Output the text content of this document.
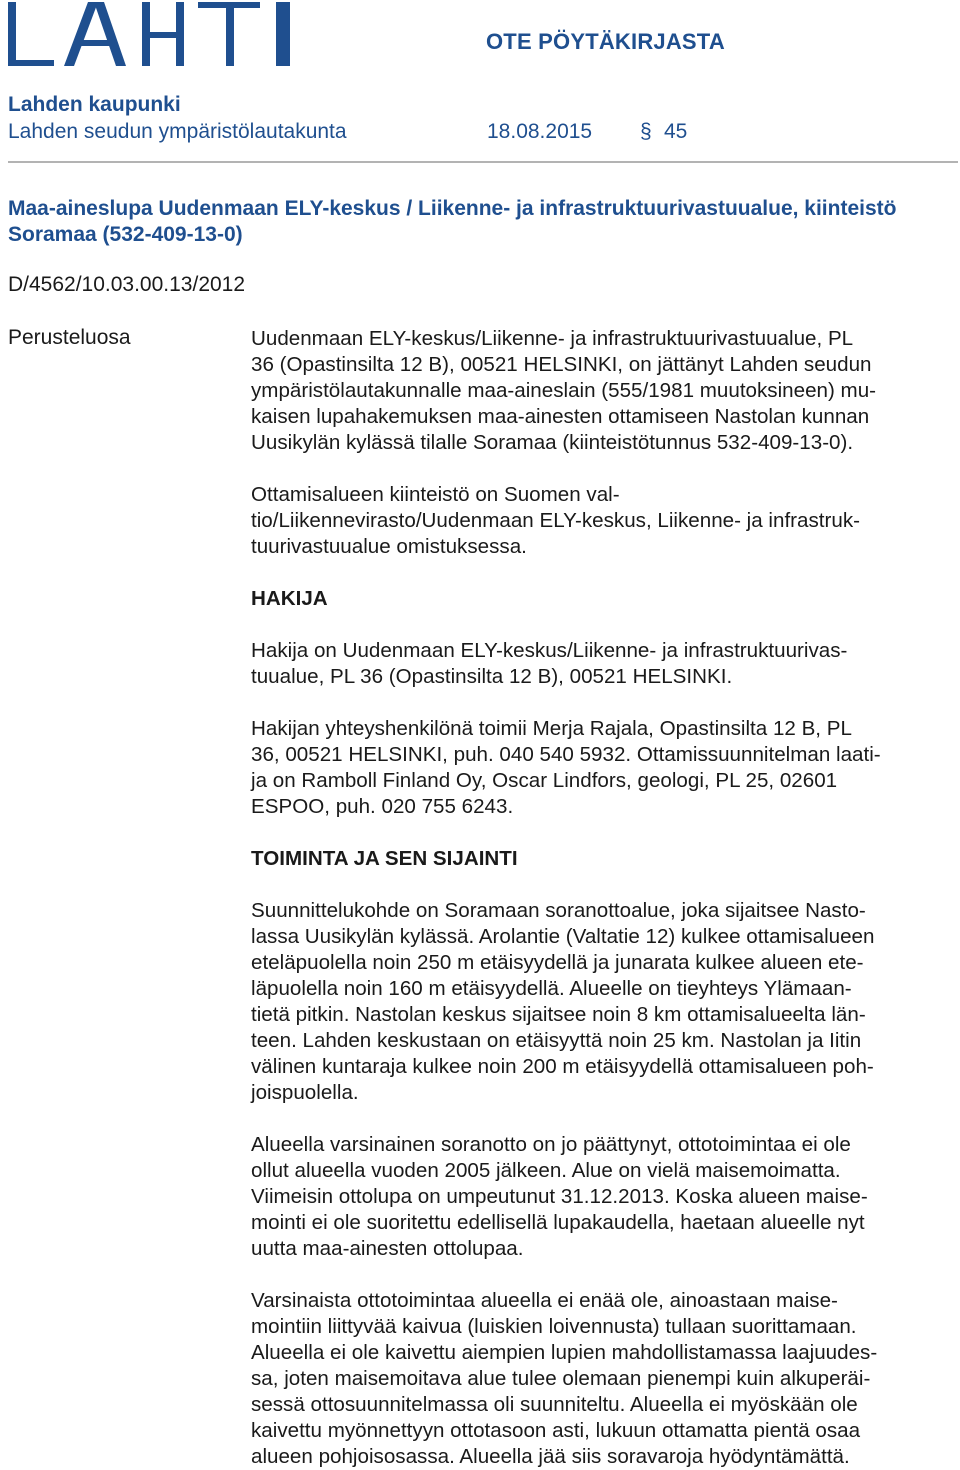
OTE PÖYTÄKIRJASTA
Lahden kaupunki
Lahden seudun ympäristölautakunta	18.08.2015 § 45
Maa-aineslupa Uudenmaan ELY-keskus / Liikenne- ja infrastruktuurivastuualue, kiinteistö
Soramaa (532-409-13-0)
D/4562/10.03.00.13/2012
Perusteluosa	Uudenmaan ELY-keskus/Liikenne- ja infrastruktuurivastuualue, PL
36 (Opastinsilta 12 B), 00521 HELSINKI, on jättänyt Lahden seudun
ympäristölautakunnalle maa-aineslain (555/1981 muutoksineen) mu-
kaisen lupahakemuksen maa-ainesten ottamiseen Nastolan kunnan
Uusikylän kylässä tilalle Soramaa (kiinteistötunnus 532-409-13-0).

Ottamisalueen kiinteistö on Suomen val-
tio/Liikennevirasto/Uudenmaan ELY-keskus, Liikenne- ja infrastruk-
tuurivastuualue omistuksessa.

HAKIJA

Hakija on Uudenmaan ELY-keskus/Liikenne- ja infrastruktuurivas-
tuualue, PL 36 (Opastinsilta 12 B), 00521 HELSINKI.

Hakijan yhteyshenkilönä toimii Merja Rajala, Opastinsilta 12 B, PL
36, 00521 HELSINKI, puh. 040 540 5932. Ottamissuunnitelman laati-
ja on Ramboll Finland Oy, Oscar Lindfors, geologi, PL 25, 02601
ESPOO, puh. 020 755 6243.

TOIMINTA JA SEN SIJAINTI

Suunnittelukohde on Soramaan soranottoalue, joka sijaitsee Nasto-
lassa Uusikylän kylässä. Arolantie (Valtatie 12) kulkee ottamisalueen
eteläpuolella noin 250 m etäisyydellä ja junarata kulkee alueen ete-
läpuolella noin 160 m etäisyydellä. Alueelle on tieyhteys Ylämaan-
tietä pitkin. Nastolan keskus sijaitsee noin 8 km ottamisalueelta län-
teen. Lahden keskustaan on etäisyyttä noin 25 km. Nastolan ja Iitin
välinen kuntaraja kulkee noin 200 m etäisyydellä ottamisalueen poh-
joispuolella.

Alueella varsinainen soranotto on jo päättynyt, ottotoimintaa ei ole
ollut alueella vuoden 2005 jälkeen. Alue on vielä maisemoimatta.
Viimeisin ottolupa on umpeutunut 31.12.2013. Koska alueen maise-
mointi ei ole suoritettu edellisellä lupakaudella, haetaan alueelle nyt
uutta maa-ainesten ottolupaa.

Varsinaista ottotoimintaa alueella ei enää ole, ainoastaan maise-
mointiin liittyvää kaivua (luiskien loivennusta) tullaan suorittamaan.
Alueella ei ole kaivettu aiempien lupien mahdollistamassa laajuudes-
sa, joten maisemoitava alue tulee olemaan pienempi kuin alkuperäi-
sessä ottosuunnitelmassa oli suunniteltu. Alueella ei myöskään ole
kaivettu myönnettyyn ottotasoon asti, lukuun ottamatta pientä osaa
alueen pohjoisosassa. Alueella jää siis soravaroja hyödyntämättä.
